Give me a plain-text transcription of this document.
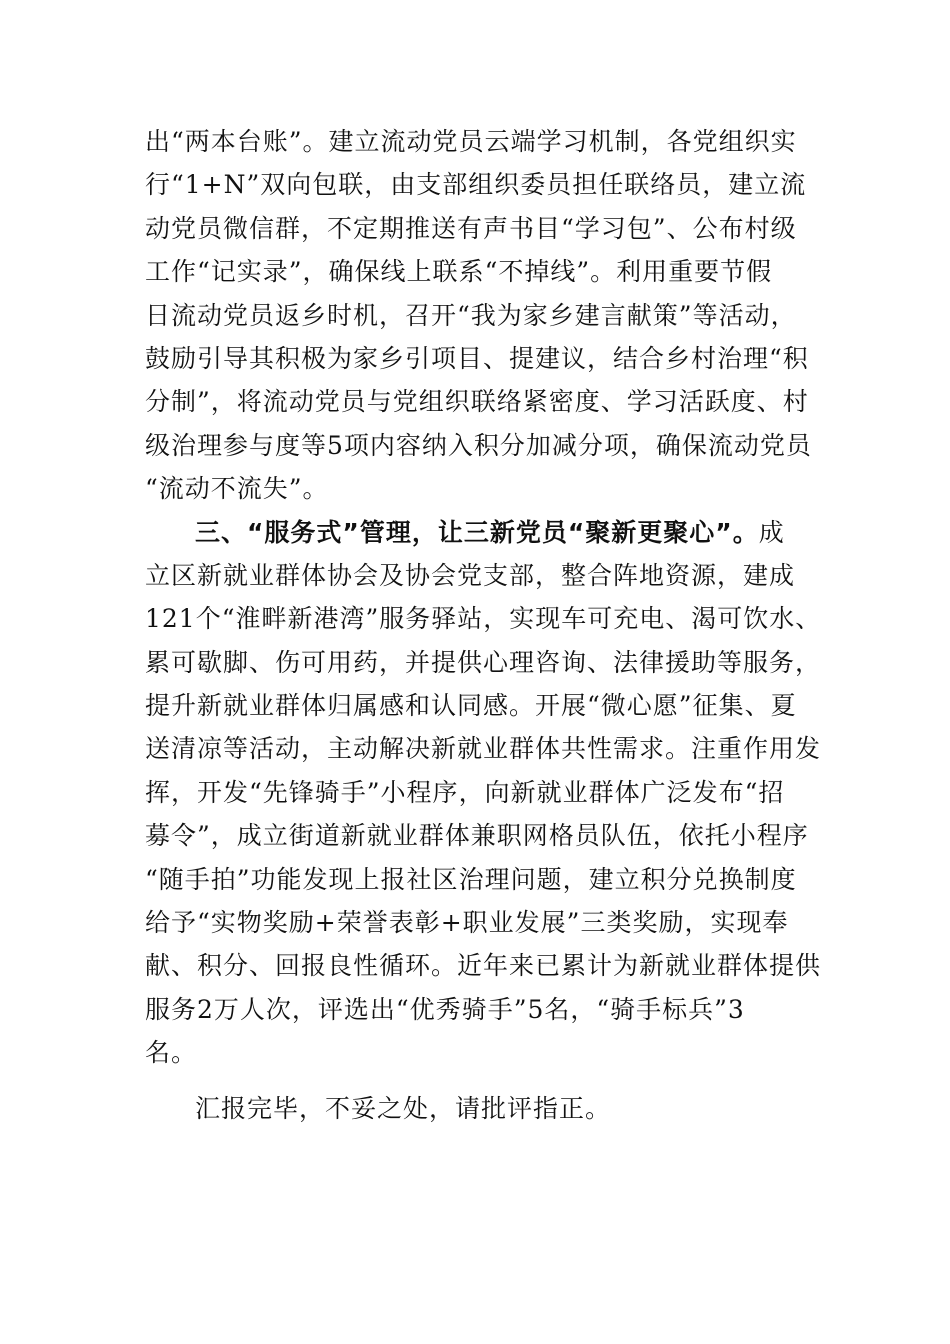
出“两本台账”。建立流动党员云端学习机制，各党组织实
行“1+N”双向包联，由支部组织委员担任联络员，建立流
动党员微信群，不定期推送有声书目“学习包”、公布村级
工作“记实录”，确保线上联系“不掉线”。利用重要节假
日流动党员返乡时机，召开“我为家乡建言献策”等活动，
鼓励引导其积极为家乡引项目、提建议，结合乡村治理“积
分制”，将流动党员与党组织联络紧密度、学习活跃度、村
级治理参与度等5项内容纳入积分加减分项，确保流动党员
“流动不流失”。
三、“服务式”管理，让三新党员“聚新更聚心”。成
立区新就业群体协会及协会党支部，整合阵地资源，建成
121个“淮畔新港湾”服务驿站，实现车可充电、渴可饮水、
累可歇脚、伤可用药，并提供心理咨询、法律援助等服务，
提升新就业群体归属感和认同感。开展“微心愿”征集、夏
送清凉等活动，主动解决新就业群体共性需求。注重作用发
挥，开发“先锋骑手”小程序，向新就业群体广泛发布“招
募令”，成立街道新就业群体兼职网格员队伍，依托小程序
“随手拍”功能发现上报社区治理问题，建立积分兑换制度
给予“实物奖励+荣誉表彰+职业发展”三类奖励，实现奉
献、积分、回报良性循环。近年来已累计为新就业群体提供
服务2万人次，评选出“优秀骑手”5名，“骑手标兵”3
名。
汇报完毕，不妥之处，请批评指正。
